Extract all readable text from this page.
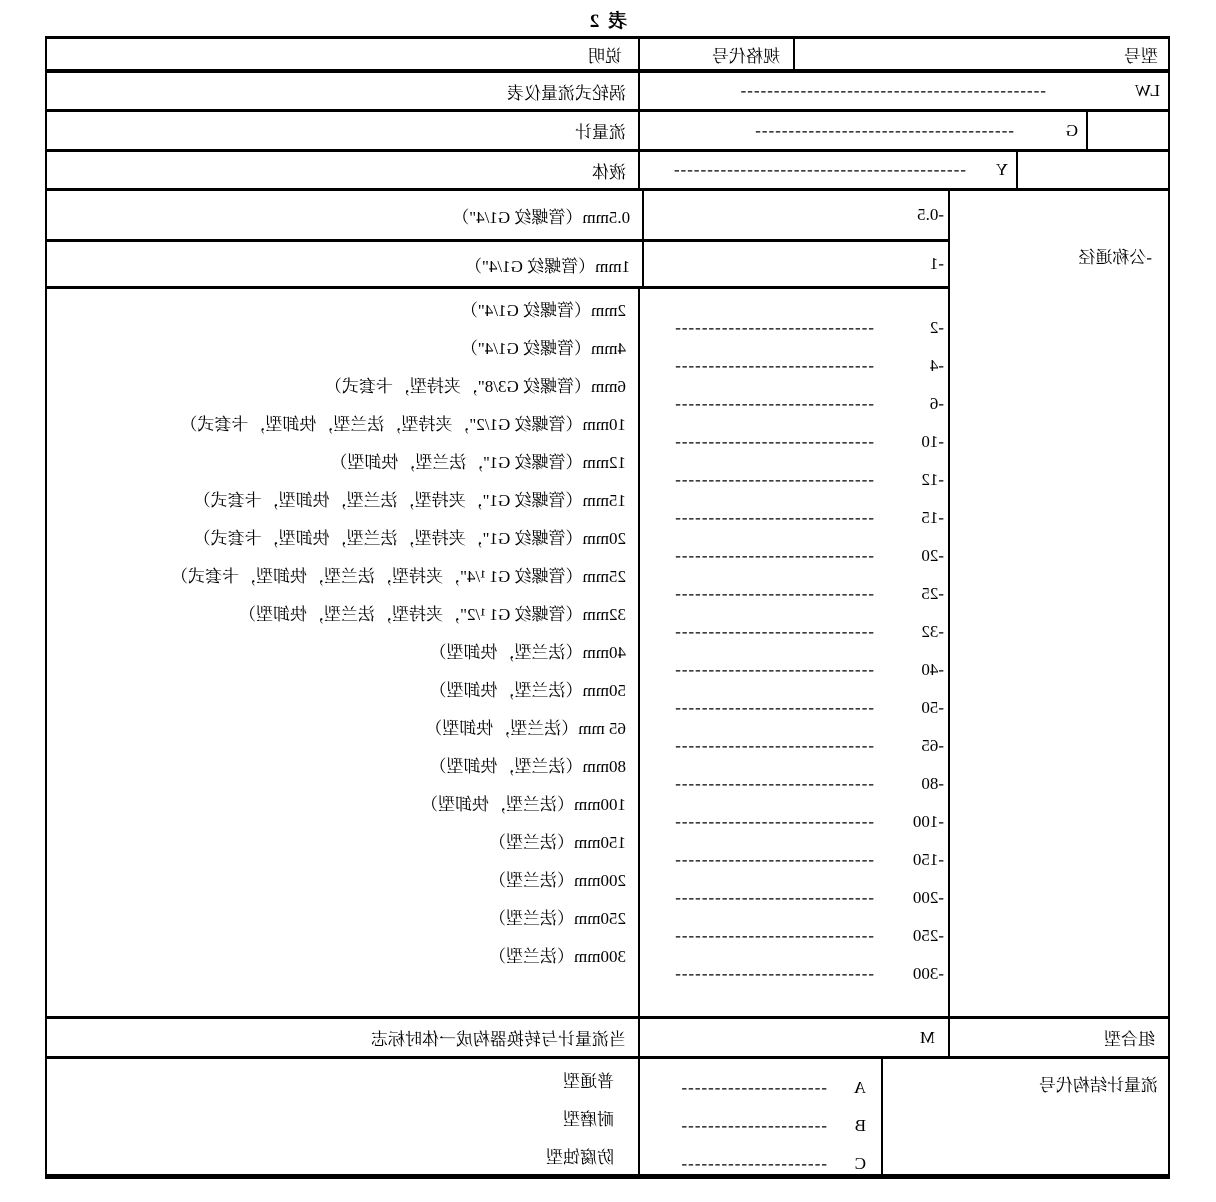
表 2
型号
规格代号
说明
LW
----------------------------------------------
涡轮式流量仪表
G
---------------------------------------
流量计
Y
--------------------------------------------
液体
-公称通径
-0.5
0.5mm（管螺纹 G1/4"）
-1
1mm（管螺纹 G1/4"）
-2
------------------------------
-4
------------------------------
-6
------------------------------
-10
------------------------------
-12
------------------------------
-15
------------------------------
-20
------------------------------
-25
------------------------------
-32
------------------------------
-40
------------------------------
-50
------------------------------
-65
------------------------------
-80
------------------------------
-100
------------------------------
-150
------------------------------
-200
------------------------------
-250
------------------------------
-300
------------------------------
2mm（管螺纹 G1/4"）
4mm（管螺纹 G1/4"）
6mm（管螺纹 G3/8"，夹持型，卡套式）
10mm（管螺纹 G1/2"，夹持型，法兰型，快卸型，卡套式）
12mm（管螺纹 G1''，法兰型，快卸型）
15mm（管螺纹 G1"，夹持型，法兰型，快卸型，卡套式）
20mm（管螺纹 G1"，夹持型，法兰型，快卸型，卡套式）
25mm（管螺纹 G1 ¹/4"，夹持型，法兰型，快卸型，卡套式）
32mm（管螺纹 G1 ¹/2"，夹持型，法兰型，快卸型）
40mm（法兰型，快卸型）
50mm（法兰型，快卸型）
65 mm（法兰型，快卸型）
80mm（法兰型，快卸型）
100mm（法兰型，快卸型）
150mm（法兰型）
200mm（法兰型）
250mm（法兰型）
300mm（法兰型）
组合型
M
当流量计与转换器构成一体时标志
流量计结构代号
A
----------------------
B
----------------------
C
----------------------
普通型
耐磨型
防腐蚀型
